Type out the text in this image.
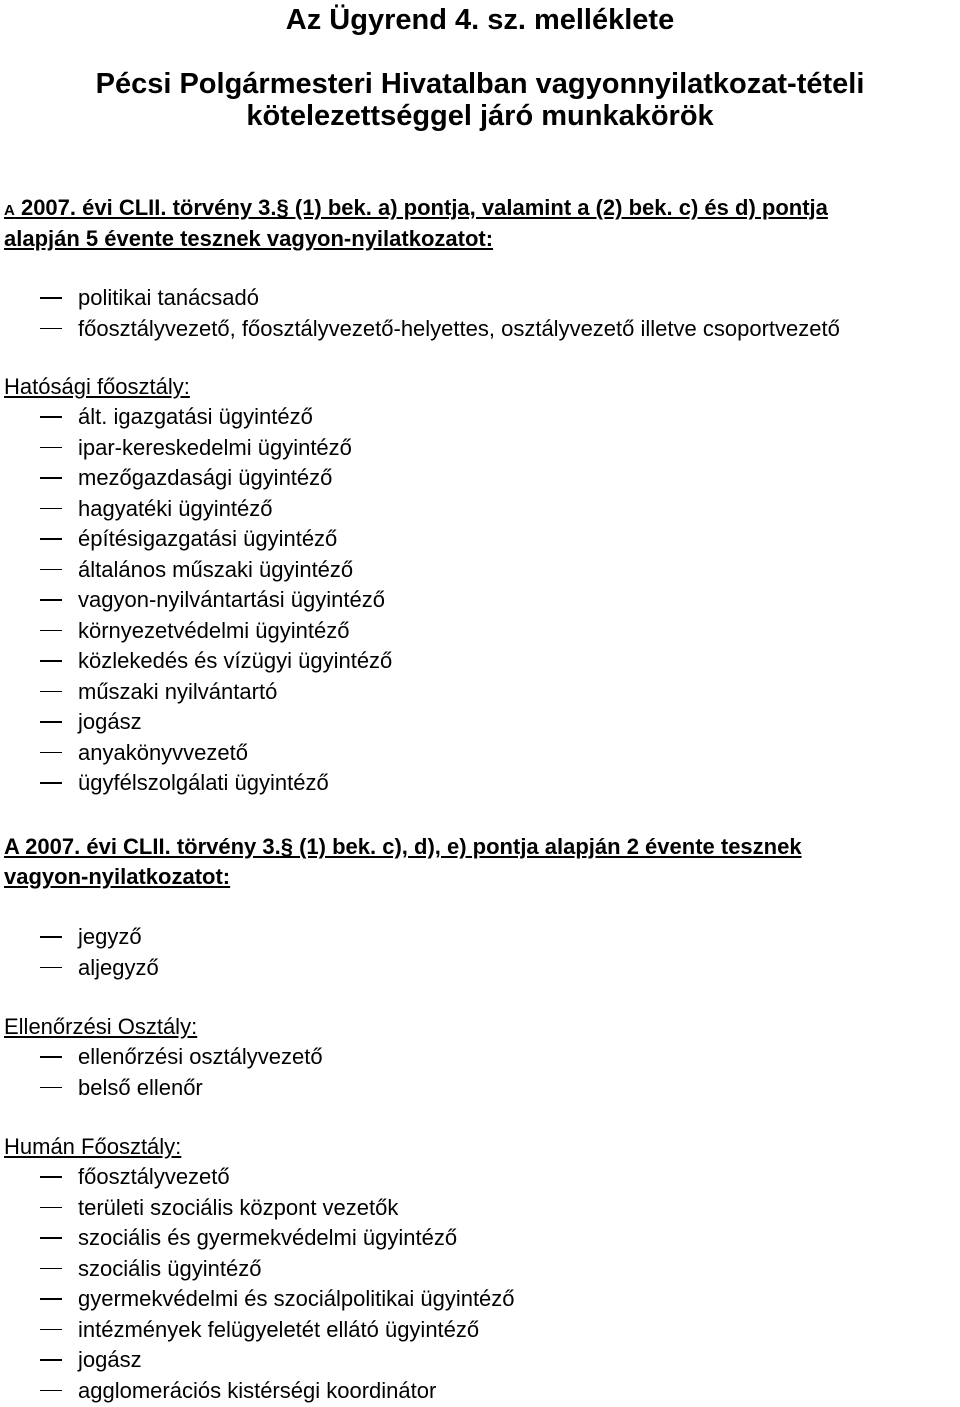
Az Ügyrend 4. sz. melléklete
Pécsi Polgármesteri Hivatalban vagyonnyilatkozat-tételi
kötelezettséggel járó munkakörök
A 2007. évi CLII. törvény 3.§ (1) bek. a) pontja, valamint a (2) bek. c) és d) pontja
alapján 5 évente tesznek vagyon-nyilatkozatot:
politikai tanácsadó
főosztályvezető, főosztályvezető-helyettes, osztályvezető illetve csoportvezető
Hatósági főosztály:
ált. igazgatási ügyintéző
ipar-kereskedelmi ügyintéző
mezőgazdasági ügyintéző
hagyatéki ügyintéző
építésigazgatási ügyintéző
általános műszaki ügyintéző
vagyon-nyilvántartási ügyintéző
környezetvédelmi ügyintéző
közlekedés és vízügyi ügyintéző
műszaki nyilvántartó
jogász
anyakönyvvezető
ügyfélszolgálati ügyintéző
A 2007. évi CLII. törvény 3.§ (1) bek. c), d), e) pontja alapján 2 évente tesznek
vagyon-nyilatkozatot:
jegyző
aljegyző
Ellenőrzési Osztály:
ellenőrzési osztályvezető
belső ellenőr
Humán Főosztály:
főosztályvezető
területi szociális központ vezetők
szociális és gyermekvédelmi ügyintéző
szociális ügyintéző
gyermekvédelmi és szociálpolitikai ügyintéző
intézmények felügyeletét ellátó ügyintéző
jogász
agglomerációs kistérségi koordinátor
